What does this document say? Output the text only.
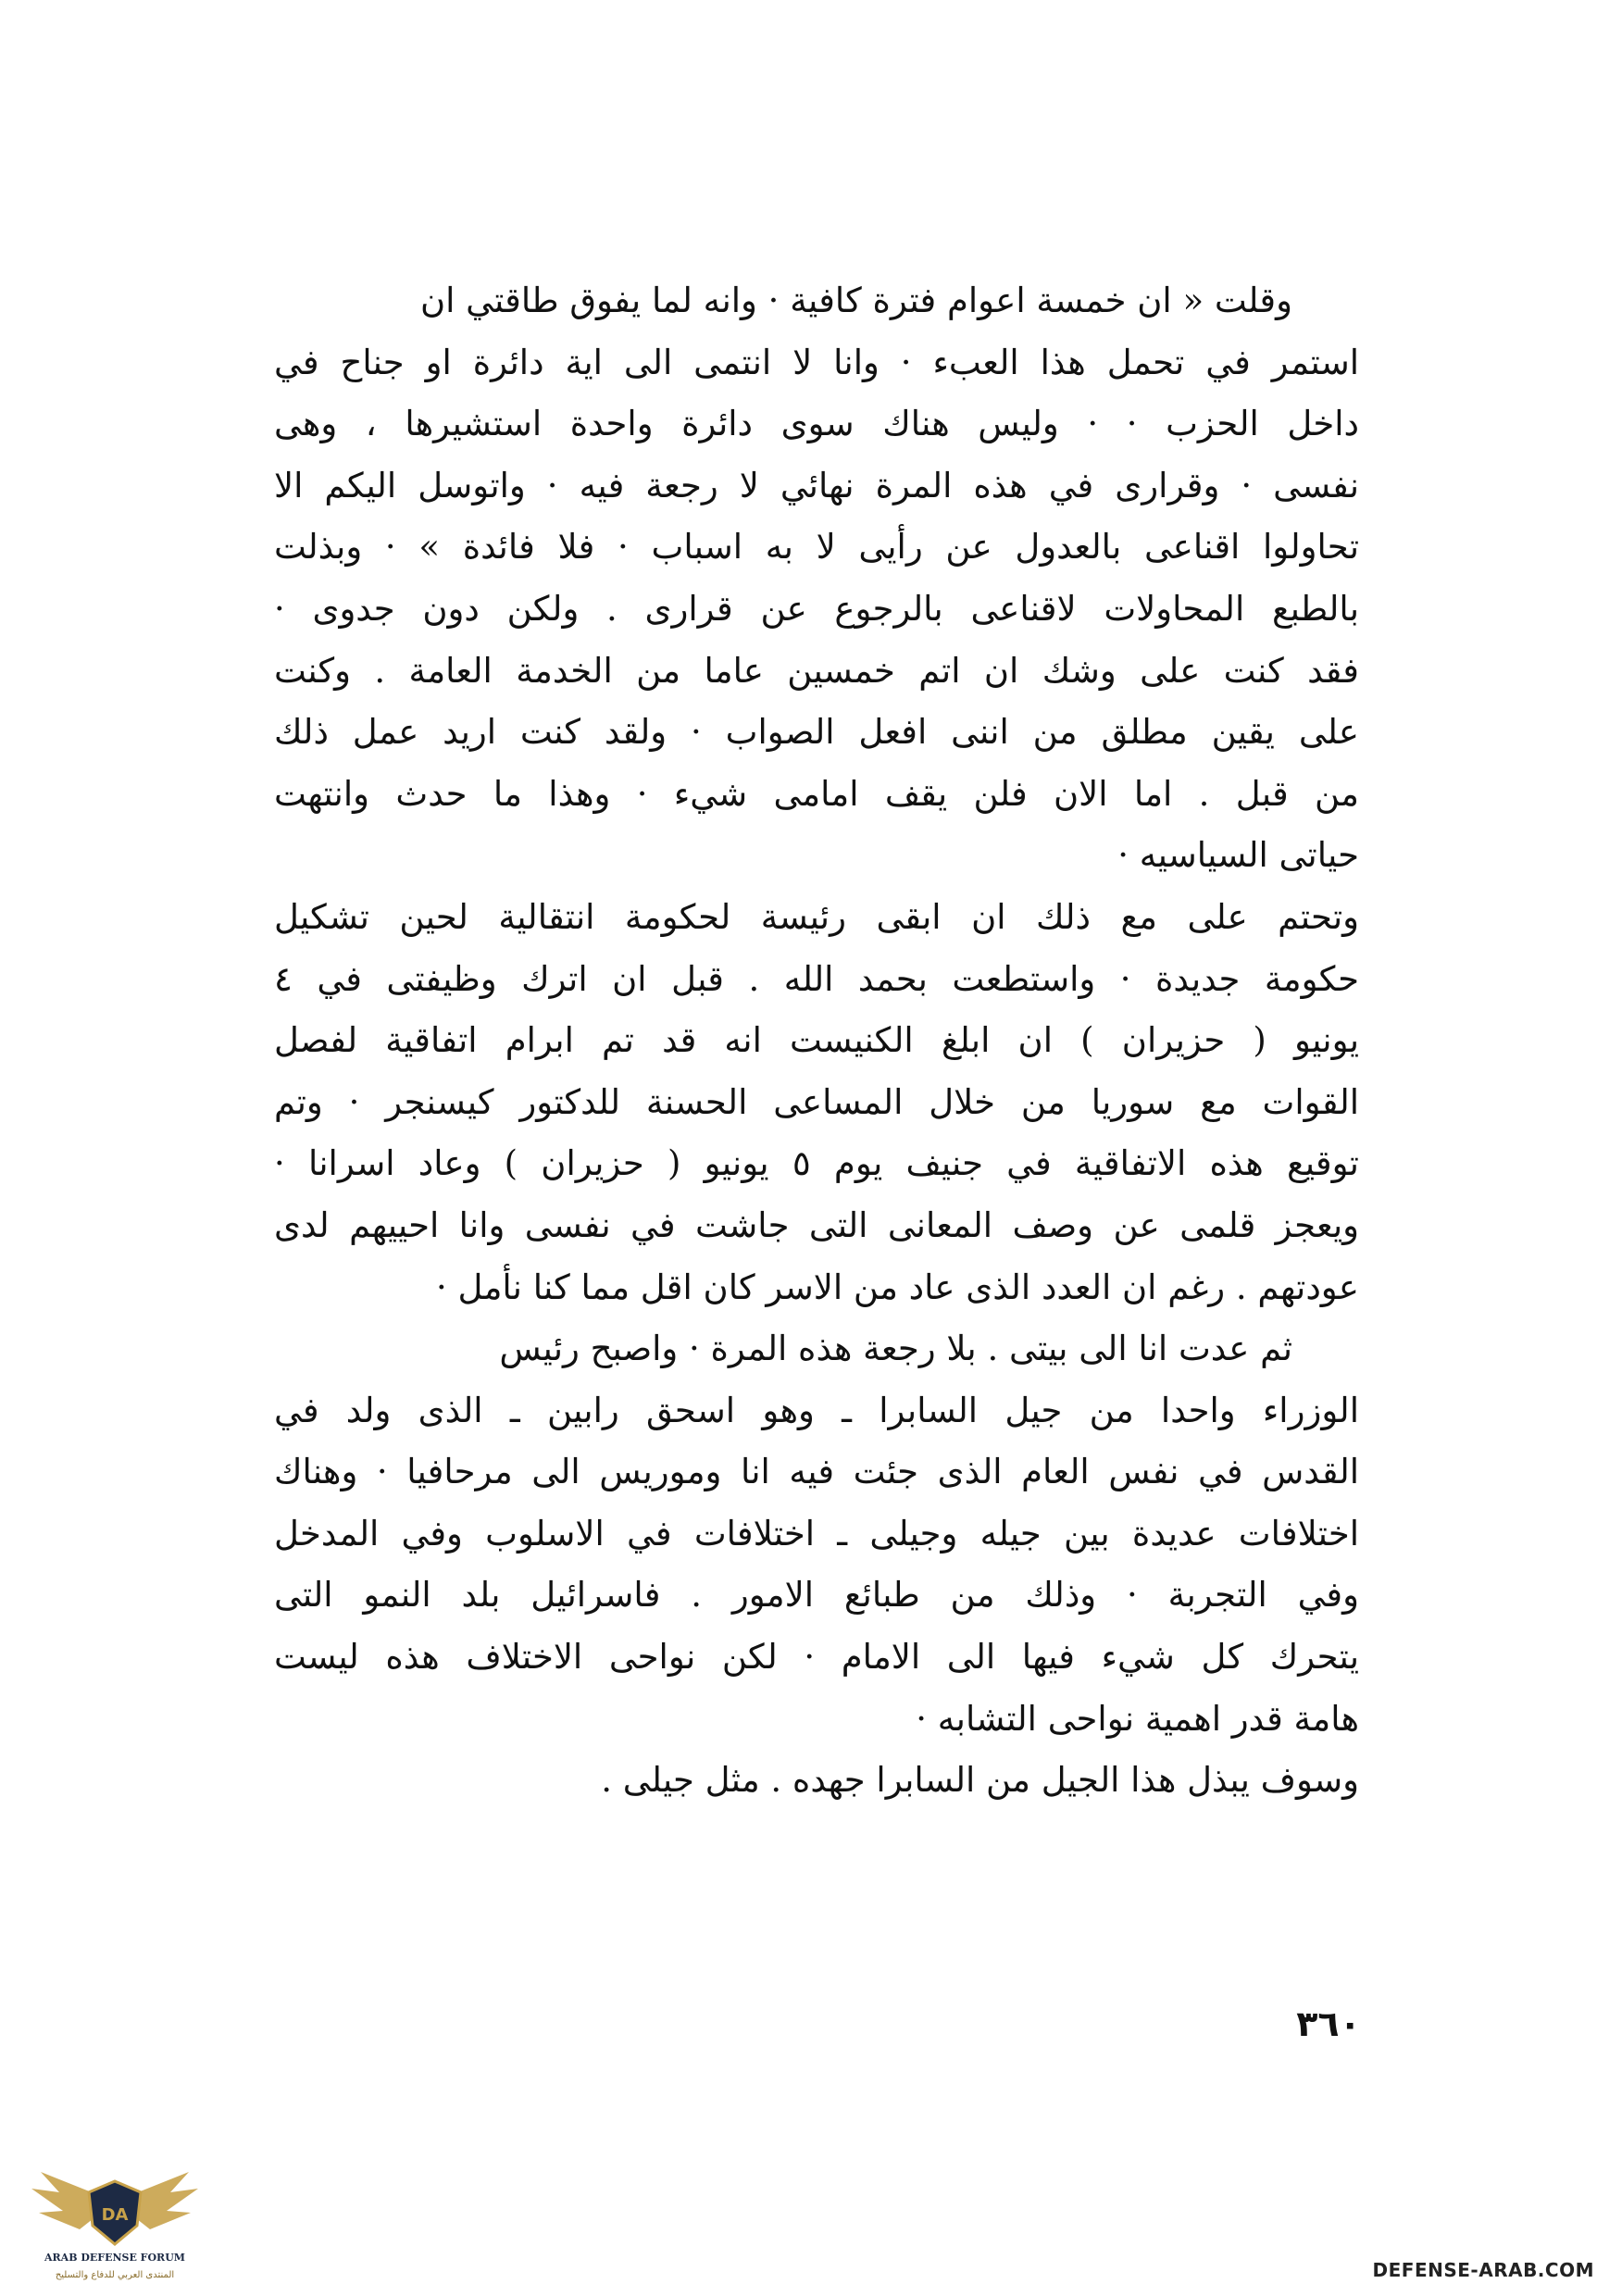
وقلت « ان خمسة اعوام فترة كافية · وانه لما يفوق طاقتي ان
استمر في تحمل هذا العبء · وانا لا انتمى الى اية دائرة او جناح في
داخل الحزب · · وليس هناك سوى دائرة واحدة استشيرها ، وهى
نفسى · وقرارى في هذه المرة نهائي لا رجعة فيه · واتوسل اليكم الا
تحاولوا اقناعى بالعدول عن رأيى لا به اسباب · فلا فائدة » · وبذلت
بالطبع المحاولات لاقناعى بالرجوع عن قرارى . ولكن دون جدوى ·
فقد كنت على وشك ان اتم خمسين عاما من الخدمة العامة . وكنت
على يقين مطلق من اننى افعل الصواب · ولقد كنت اريد عمل ذلك
من قبل . اما الان فلن يقف امامى شيء · وهذا ما حدث وانتهت
حياتى السياسيه ·

وتحتم على مع ذلك ان ابقى رئيسة لحكومة انتقالية لحين تشكيل
حكومة جديدة · واستطعت بحمد الله . قبل ان اترك وظيفتى في ٤
يونيو ( حزيران ) ان ابلغ الكنيست انه قد تم ابرام اتفاقية لفصل
القوات مع سوريا من خلال المساعى الحسنة للدكتور كيسنجر · وتم
توقيع هذه الاتفاقية في جنيف يوم ٥ يونيو ( حزيران ) وعاد اسرانا ·
ويعجز قلمى عن وصف المعانى التى جاشت في نفسى وانا احييهم لدى
عودتهم . رغم ان العدد الذى عاد من الاسر كان اقل مما كنا نأمل ·

ثم عدت انا الى بيتى . بلا رجعة هذه المرة · واصبح رئيس
الوزراء واحدا من جيل السابرا ـ وهو اسحق رابين ـ الذى ولد في
القدس في نفس العام الذى جئت فيه انا وموريس الى مرحافيا · وهناك
اختلافات عديدة بين جيله وجيلى ـ اختلافات في الاسلوب وفي المدخل
وفي التجربة · وذلك من طبائع الامور . فاسرائيل بلد النمو التى
يتحرك كل شيء فيها الى الامام · لكن نواحى الاختلاف هذه ليست
هامة قدر اهمية نواحى التشابه ·

وسوف يبذل هذا الجيل من السابرا جهده . مثل جيلى .

٣٦٠
DA
ARAB DEFENSE FORUM
المنتدى العربي للدفاع والتسليح	DEFENSE-ARAB.COM
